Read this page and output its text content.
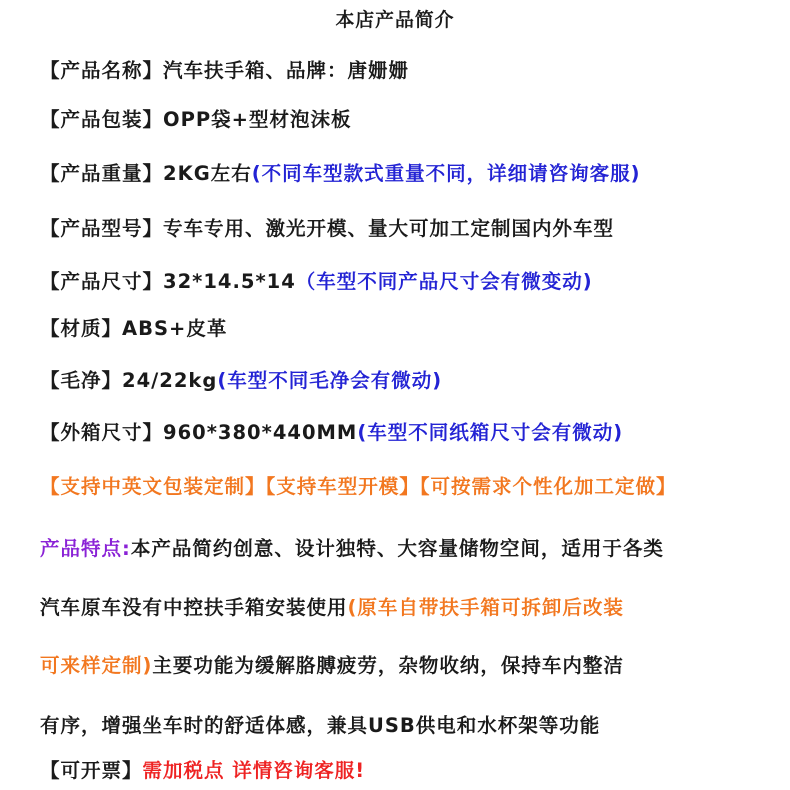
本店产品简介
【产品名称】汽车扶手箱、品牌：唐姗姗
【产品包装】OPP袋+型材泡沫板
【产品重量】2KG左右(不同车型款式重量不同，详细请咨询客服)
【产品型号】专车专用、激光开模、量大可加工定制国内外车型
【产品尺寸】32*14.5*14（车型不同产品尺寸会有微变动)
【材质】ABS+皮革
【毛净】24/22kg(车型不同毛净会有微动)
【外箱尺寸】960*380*440MM(车型不同纸箱尺寸会有微动)
【支持中英文包装定制】【支持车型开模】【可按需求个性化加工定做】
产品特点:本产品简约创意、设计独特、大容量储物空间，适用于各类
汽车原车没有中控扶手箱安装使用(原车自带扶手箱可拆卸后改装
可来样定制)主要功能为缓解胳膊疲劳，杂物收纳，保持车内整洁
有序，增强坐车时的舒适体感，兼具USB供电和水杯架等功能
【可开票】需加税点 详情咨询客服!
